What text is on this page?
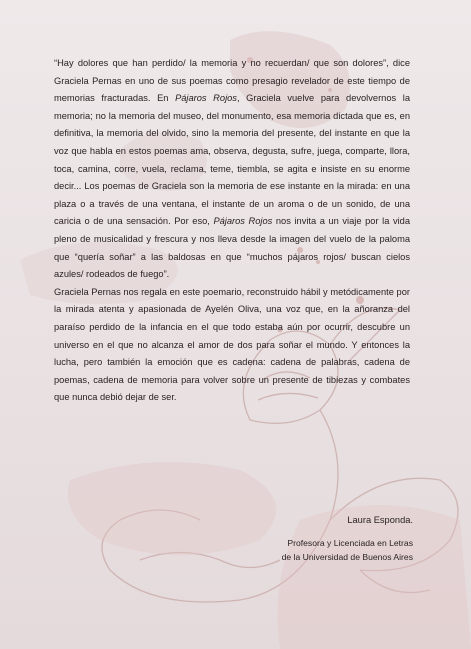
“Hay dolores que han perdido/ la memoria y no recuerdan/ que son dolores”, dice Graciela Pernas en uno de sus poemas como presagio revelador de este tiempo de memorias fracturadas. En Pájaros Rojos, Graciela vuelve para devolvernos la memoria; no la memoria del museo, del monumento, esa memoria dictada que es, en definitiva, la memoria del olvido, sino la memoria del presente, del instante en que la voz que habla en estos poemas ama, observa, degusta, sufre, juega, comparte, llora, toca, camina, corre, vuela, reclama, teme, tiembla, se agita e insiste en su enorme decir... Los poemas de Graciela son la memoria de ese instante en la mirada: en una plaza o a través de una ventana, el instante de un aroma o de un sonido, de una caricia o de una sensación. Por eso, Pájaros Rojos nos invita a un viaje por la vida pleno de musicalidad y frescura y nos lleva desde la imagen del vuelo de la paloma que “quería soñar” a las baldosas en que “muchos pájaros rojos/ buscan cielos azules/ rodeados de fuego”.

Graciela Pernas nos regala en este poemario, reconstruido hábil y metódicamente por la mirada atenta y apasionada de Ayelén Oliva, una voz que, en la añoranza del paraíso perdido de la infancia en el que todo estaba aún por ocurrir, descubre un universo en el que no alcanza el amor de dos para soñar el mundo. Y entonces la lucha, pero también la emoción que es cadena: cadena de palabras, cadena de poemas, cadena de memoria para volver sobre un presente de tibiezas y combates que nunca debió dejar de ser.

Laura Esponda.
Profesora y Licenciada en Letras
de la Universidad de Buenos Aires
